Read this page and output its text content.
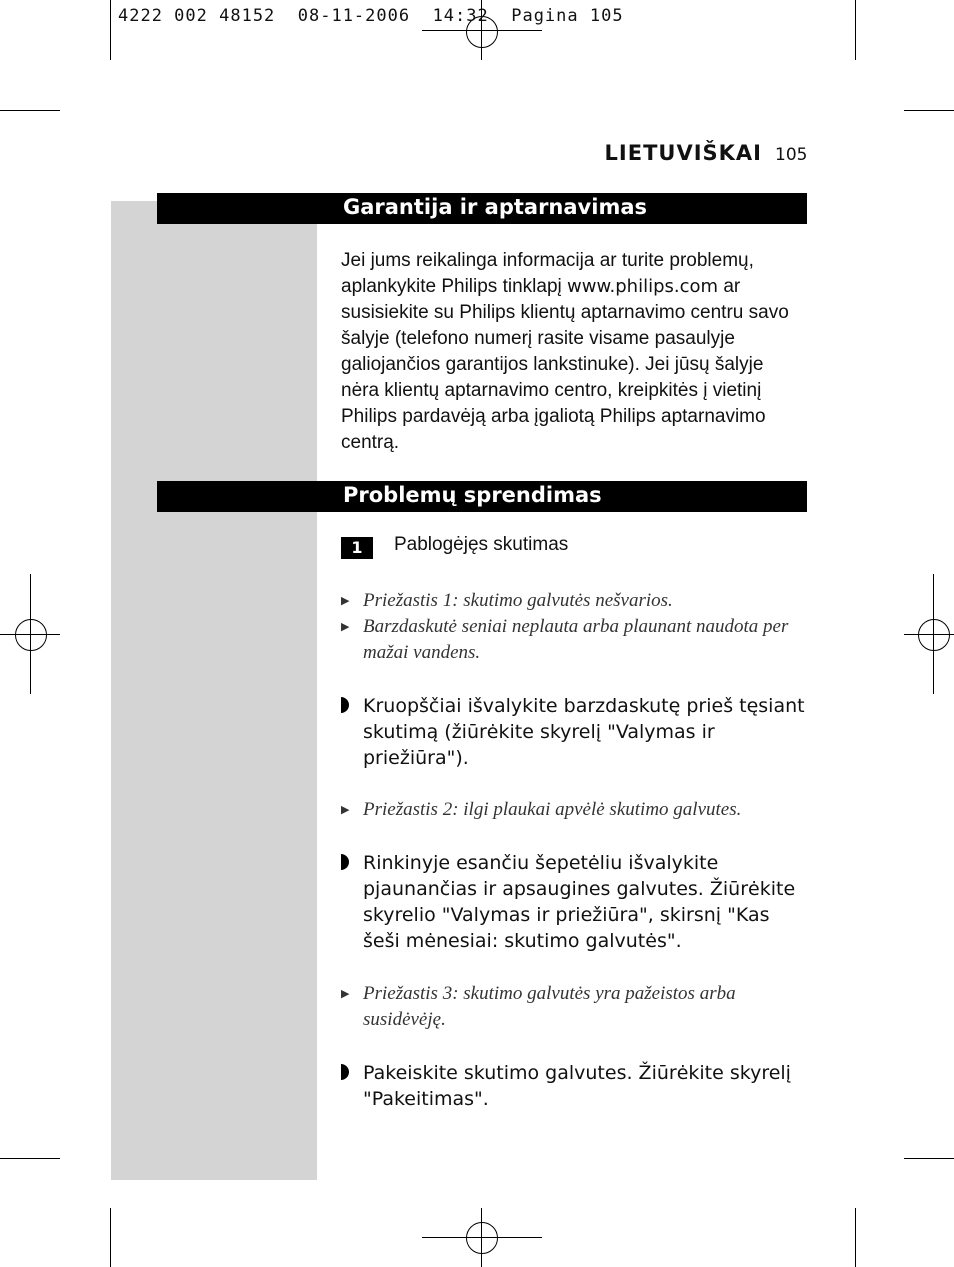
4222 002 48152  08-11-2006  14:32  Pagina 105
LIETUVIŠKAI 105
Garantija ir aptarnavimas
Jei jums reikalinga informacija ar turite problemų, aplankykite Philips tinklapį www.philips.com ar susisiekite su Philips klientų aptarnavimo centru savo šalyje (telefono numerį rasite visame pasaulyje galiojančios garantijos lankstinuke). Jei jūsų šalyje nėra klientų aptarnavimo centro, kreipkitės į vietinį Philips pardavėją arba įgaliotą Philips aptarnavimo centrą.
Problemų sprendimas
1	Pablogėjęs skutimas
▶ Priežastis 1: skutimo galvutės nešvarios.
▶ Barzdaskutė seniai neplauta arba plaunant naudota per mažai vandens.
Kruopščiai išvalykite barzdaskutę prieš tęsiant skutimą (žiūrėkite skyrelį "Valymas ir priežiūra").
▶ Priežastis 2: ilgi plaukai apvėlė skutimo galvutes.
Rinkinyje esančiu šepetėliu išvalykite pjaunančias ir apsaugines galvutes. Žiūrėkite skyrelio "Valymas ir priežiūra", skirsnį "Kas šeši mėnesiai: skutimo galvutės".
▶ Priežastis 3: skutimo galvutės yra pažeistos arba susidėvėję.
Pakeiskite skutimo galvutes. Žiūrėkite skyrelį "Pakeitimas".
